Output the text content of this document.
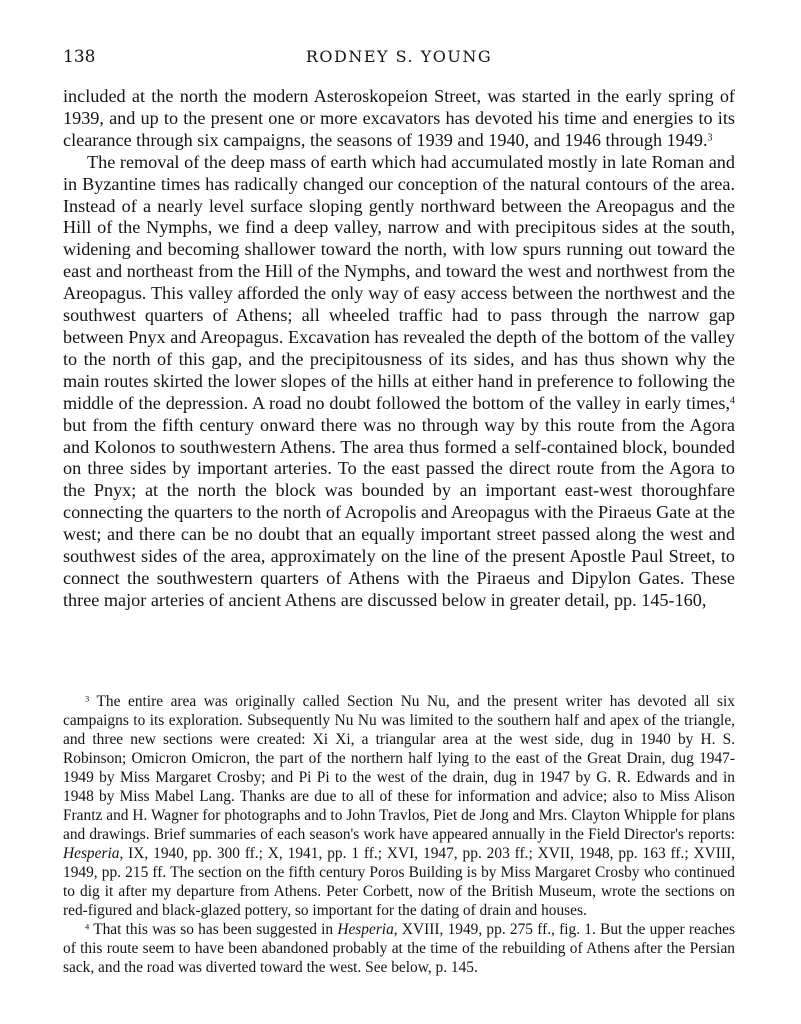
138	RODNEY S. YOUNG

included at the north the modern Asteroskopeion Street, was started in the early spring of 1939, and up to the present one or more excavators has devoted his time and energies to its clearance through six campaigns, the seasons of 1939 and 1940, and 1946 through 1949.$^3$

The removal of the deep mass of earth which had accumulated mostly in late Roman and in Byzantine times has radically changed our conception of the natural contours of the area. Instead of a nearly level surface sloping gently northward between the Areopagus and the Hill of the Nymphs, we find a deep valley, narrow and with precipitous sides at the south, widening and becoming shallower toward the north, with low spurs running out toward the east and northeast from the Hill of the Nymphs, and toward the west and northwest from the Areopagus. This valley afforded the only way of easy access between the northwest and the southwest quarters of Athens; all wheeled traffic had to pass through the narrow gap between Pnyx and Areopagus. Excavation has revealed the depth of the bottom of the valley to the north of this gap, and the precipitousness of its sides, and has thus shown why the main routes skirted the lower slopes of the hills at either hand in preference to following the middle of the depression. A road no doubt followed the bottom of the valley in early times,$^4$ but from the fifth century onward there was no through way by this route from the Agora and Kolonos to southwestern Athens. The area thus formed a self-contained block, bounded on three sides by important arteries. To the east passed the direct route from the Agora to the Pnyx; at the north the block was bounded by an important east-west thoroughfare connecting the quarters to the north of Acropolis and Areopagus with the Piraeus Gate at the west; and there can be no doubt that an equally important street passed along the west and southwest sides of the area, approximately on the line of the present Apostle Paul Street, to connect the southwestern quarters of Athens with the Piraeus and Dipylon Gates. These three major arteries of ancient Athens are discussed below in greater detail, pp. 145-160,

$^3$ The entire area was originally called Section Nu Nu, and the present writer has devoted all six campaigns to its exploration. Subsequently Nu Nu was limited to the southern half and apex of the triangle, and three new sections were created: Xi Xi, a triangular area at the west side, dug in 1940 by H. S. Robinson; Omicron Omicron, the part of the northern half lying to the east of the Great Drain, dug 1947-1949 by Miss Margaret Crosby; and Pi Pi to the west of the drain, dug in 1947 by G. R. Edwards and in 1948 by Miss Mabel Lang. Thanks are due to all of these for information and advice; also to Miss Alison Frantz and H. Wagner for photographs and to John Travlos, Piet de Jong and Mrs. Clayton Whipple for plans and drawings. Brief summaries of each season's work have appeared annually in the Field Director's reports: Hesperia, IX, 1940, pp. 300 ff.; X, 1941, pp. 1 ff.; XVI, 1947, pp. 203 ff.; XVII, 1948, pp. 163 ff.; XVIII, 1949, pp. 215 ff. The section on the fifth century Poros Building is by Miss Margaret Crosby who continued to dig it after my departure from Athens. Peter Corbett, now of the British Museum, wrote the sections on red-figured and black-glazed pottery, so important for the dating of drain and houses.

$^4$ That this was so has been suggested in Hesperia, XVIII, 1949, pp. 275 ff., fig. 1. But the upper reaches of this route seem to have been abandoned probably at the time of the rebuilding of Athens after the Persian sack, and the road was diverted toward the west. See below, p. 145.
